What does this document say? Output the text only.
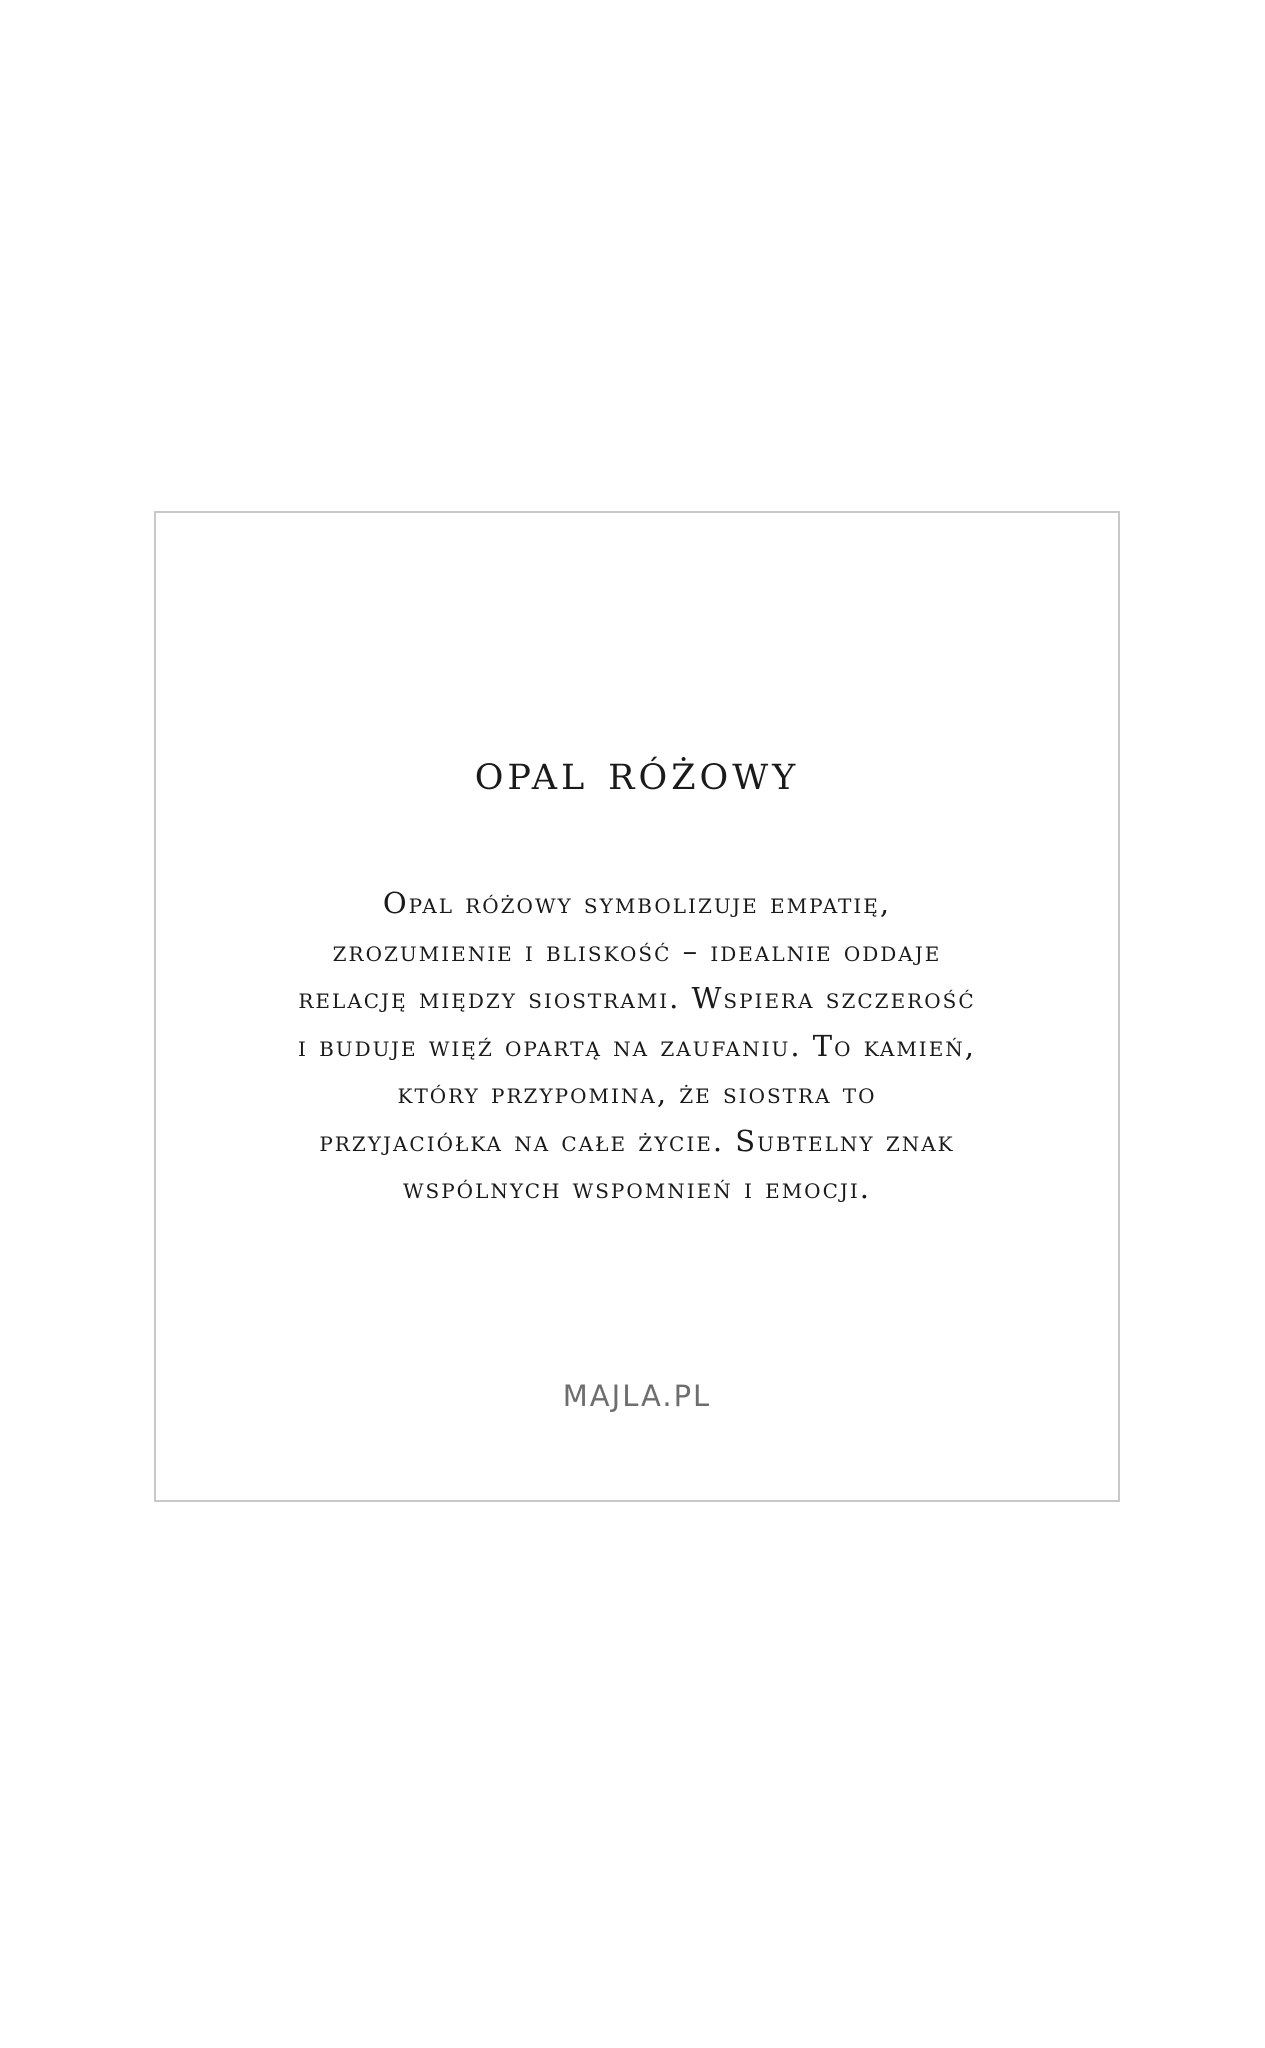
opal różowy

Opal różowy symbolizuje empatię,
zrozumienie i bliskość – idealnie oddaje
relację między siostrami. Wspiera szczerość
i buduje więź opartą na zaufaniu. To kamień,
który przypomina, że siostra to
przyjaciółka na całe życie. Subtelny znak
wspólnych wspomnień i emocji.

MAJLA.PL
